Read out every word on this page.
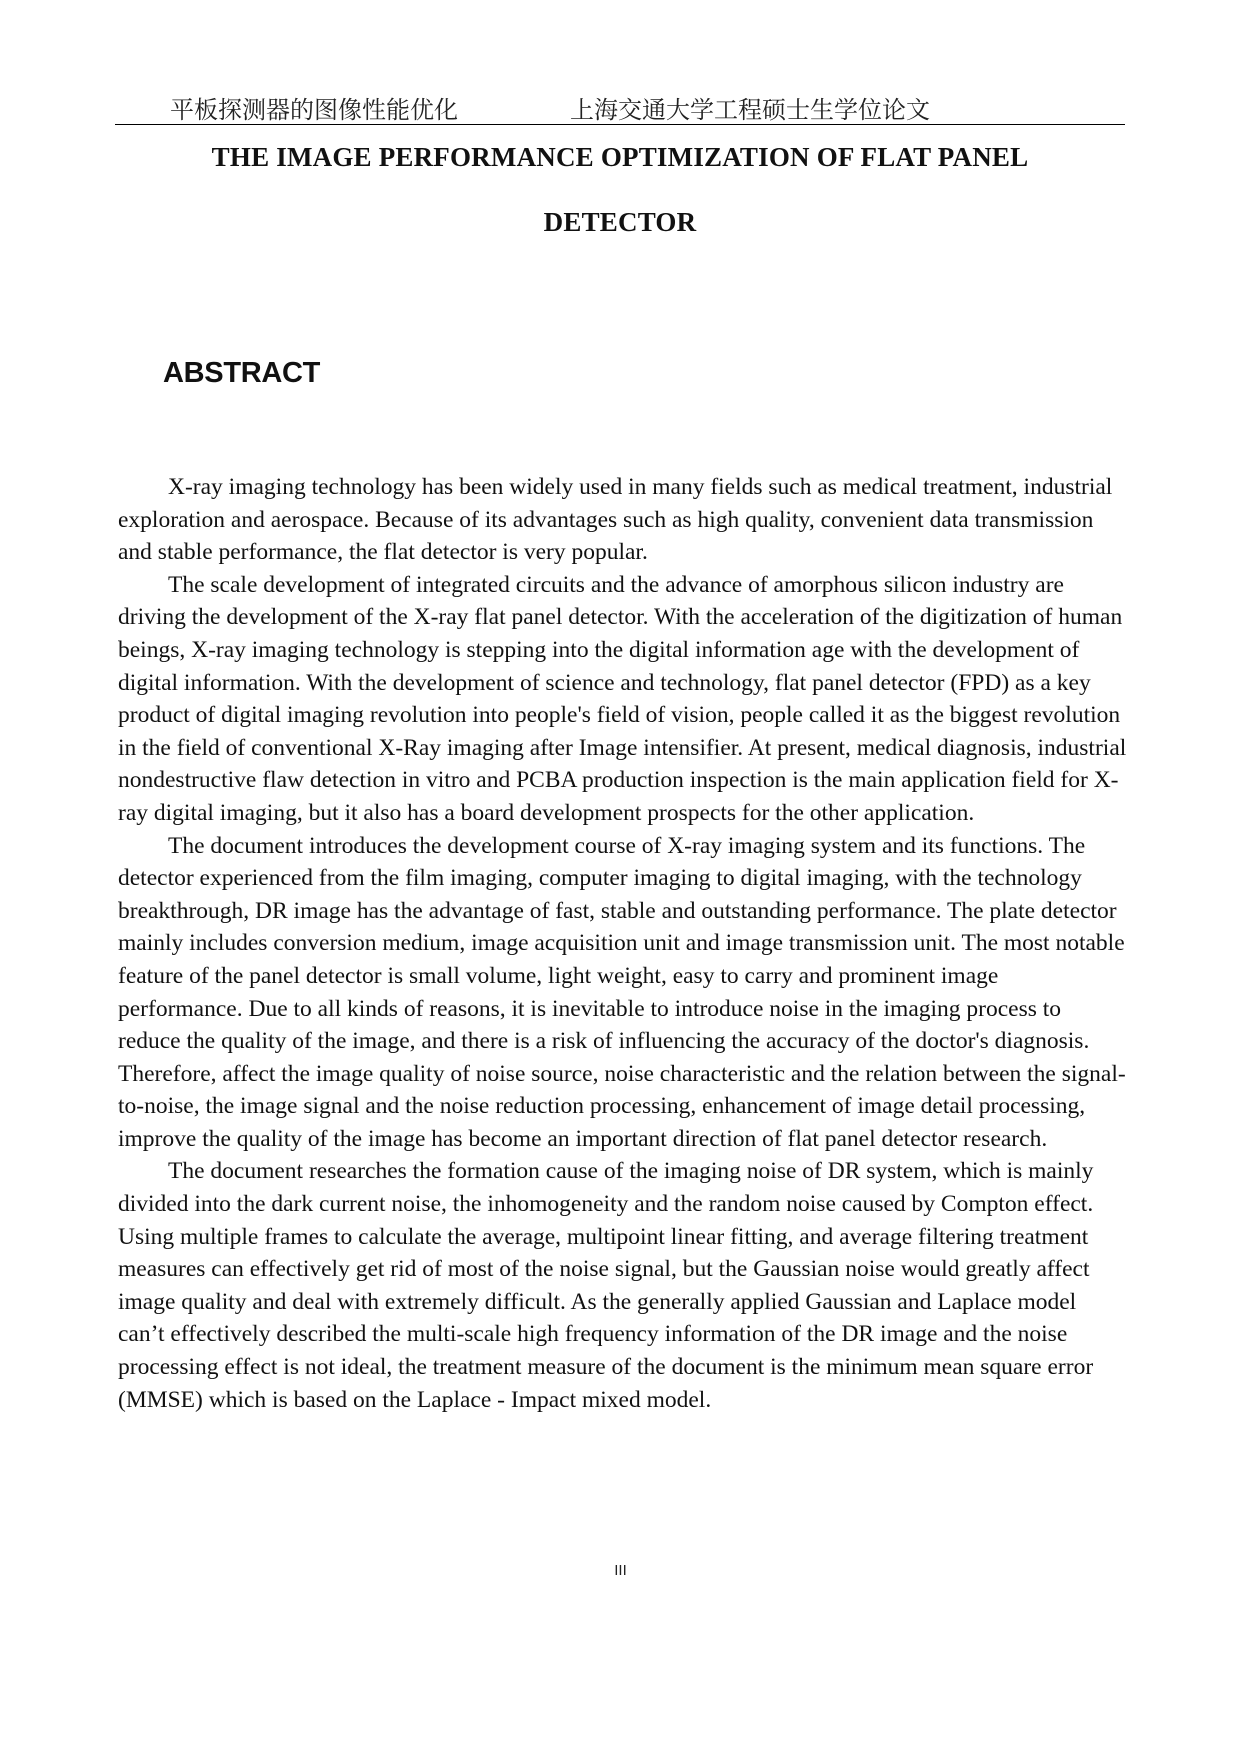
平板探测器的图像性能优化	上海交通大学工程硕士生学位论文
THE IMAGE PERFORMANCE OPTIMIZATION OF FLAT PANEL
DETECTOR
ABSTRACT

X-ray imaging technology has been widely used in many fields such as medical treatment, industrial exploration and aerospace. Because of its advantages such as high quality, convenient data transmission and stable performance, the flat detector is very popular.

The scale development of integrated circuits and the advance of amorphous silicon industry are driving the development of the X-ray flat panel detector. With the acceleration of the digitization of human beings, X-ray imaging technology is stepping into the digital information age with the development of digital information. With the development of science and technology, flat panel detector (FPD) as a key product of digital imaging revolution into people's field of vision, people called it as the biggest revolution in the field of conventional X-Ray imaging after Image intensifier. At present, medical diagnosis, industrial nondestructive flaw detection in vitro and PCBA production inspection is the main application field for X-ray digital imaging, but it also has a board development prospects for the other application.

The document introduces the development course of X-ray imaging system and its functions. The detector experienced from the film imaging, computer imaging to digital imaging, with the technology breakthrough, DR image has the advantage of fast, stable and outstanding performance. The plate detector mainly includes conversion medium, image acquisition unit and image transmission unit. The most notable feature of the panel detector is small volume, light weight, easy to carry and prominent image performance. Due to all kinds of reasons, it is inevitable to introduce noise in the imaging process to reduce the quality of the image, and there is a risk of influencing the accuracy of the doctor's diagnosis. Therefore, affect the image quality of noise source, noise characteristic and the relation between the signal-to-noise, the image signal and the noise reduction processing, enhancement of image detail processing, improve the quality of the image has become an important direction of flat panel detector research.

The document researches the formation cause of the imaging noise of DR system, which is mainly divided into the dark current noise, the inhomogeneity and the random noise caused by Compton effect. Using multiple frames to calculate the average, multipoint linear fitting, and average filtering treatment measures can effectively get rid of most of the noise signal, but the Gaussian noise would greatly affect image quality and deal with extremely difficult. As the generally applied Gaussian and Laplace model can’t effectively described the multi-scale high frequency information of the DR image and the noise processing effect is not ideal, the treatment measure of the document is the minimum mean square error (MMSE) which is based on the Laplace - Impact mixed model.

III
